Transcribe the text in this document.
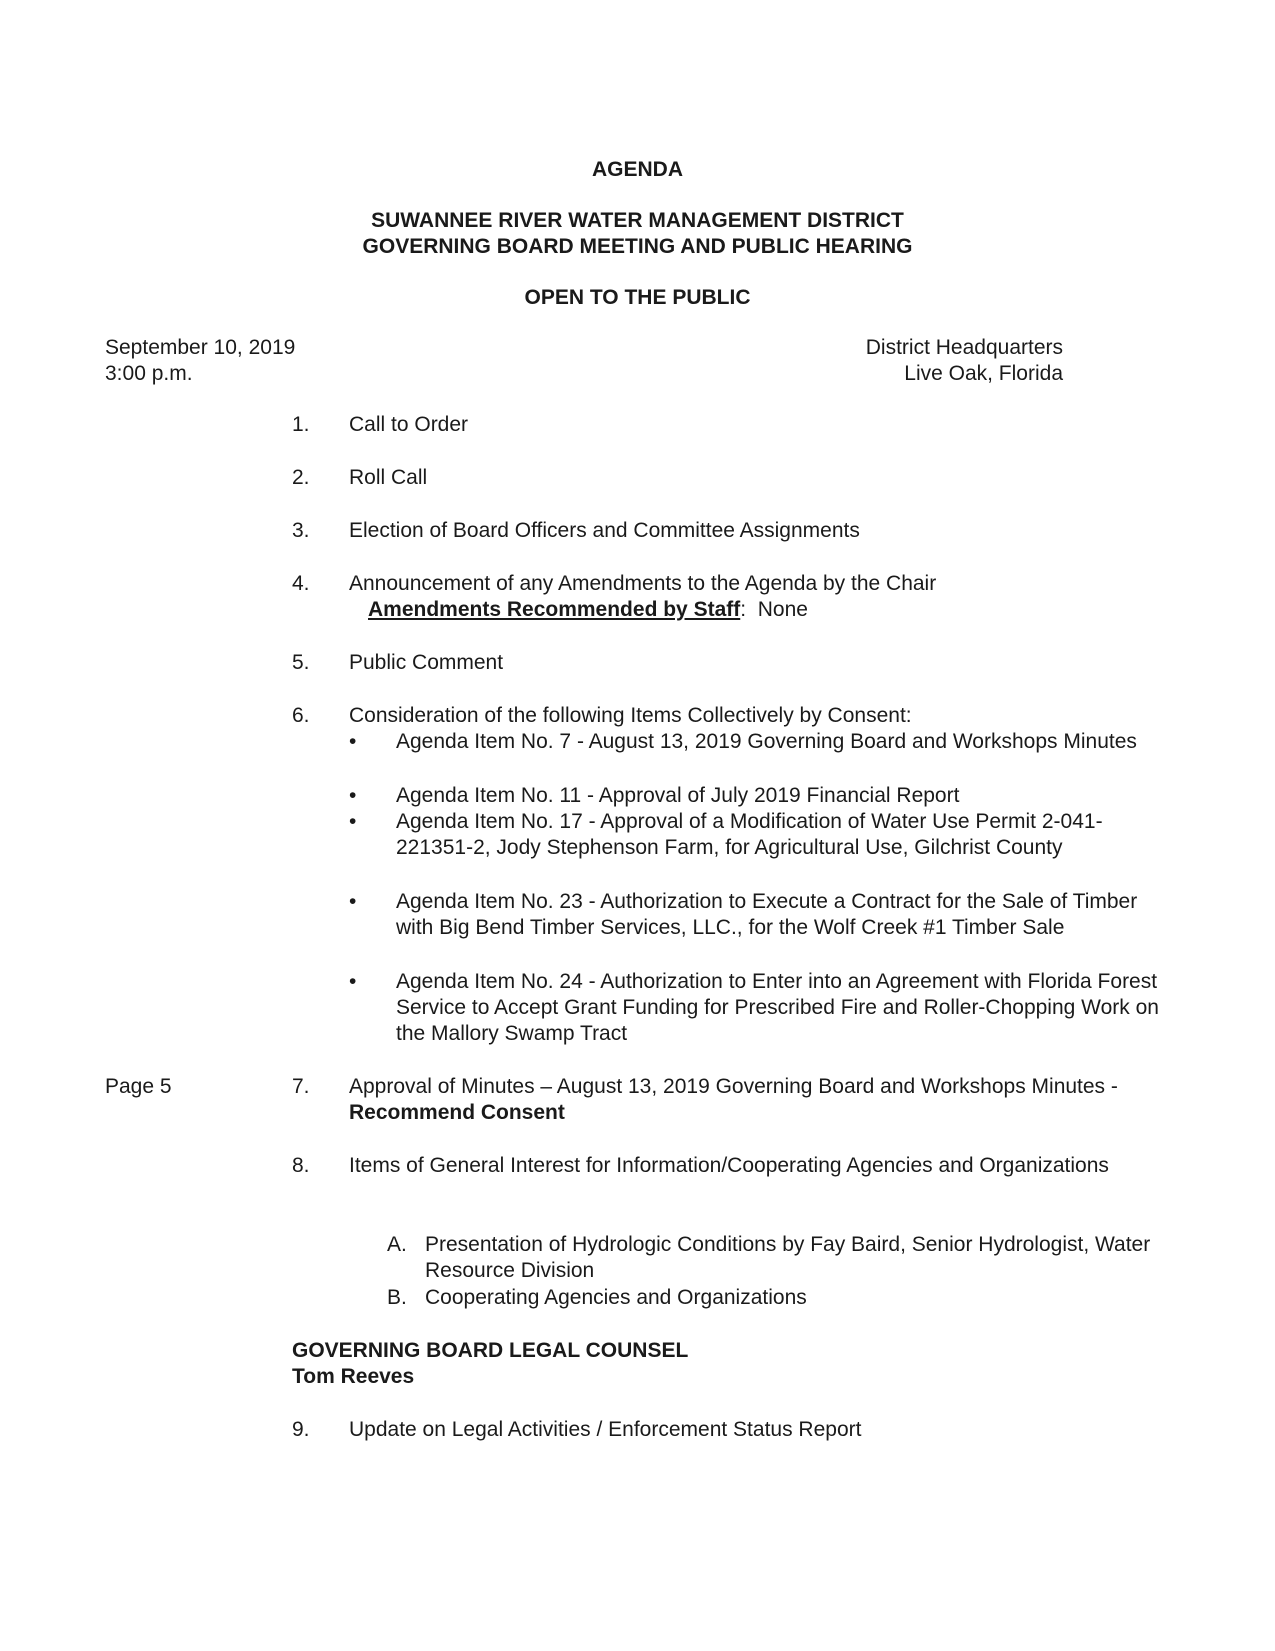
AGENDA

SUWANNEE RIVER WATER MANAGEMENT DISTRICT

GOVERNING BOARD MEETING AND PUBLIC HEARING

OPEN TO THE PUBLIC

September 10, 2019
3:00 p.m.
District Headquarters
Live Oak, Florida
1. Call to Order
2. Roll Call
3. Election of Board Officers and Committee Assignments
4. Announcement of any Amendments to the Agenda by the Chair
Amendments Recommended by Staff:  None
5. Public Comment
6. Consideration of the following Items Collectively by Consent:
• Agenda Item No. 7 - August 13, 2019 Governing Board and Workshops Minutes
• Agenda Item No. 11 - Approval of July 2019 Financial Report
• Agenda Item No. 17 - Approval of a Modification of Water Use Permit 2-041-221351-2, Jody Stephenson Farm, for Agricultural Use, Gilchrist County
• Agenda Item No. 23 - Authorization to Execute a Contract for the Sale of Timber with Big Bend Timber Services, LLC., for the Wolf Creek #1 Timber Sale
• Agenda Item No. 24 - Authorization to Enter into an Agreement with Florida Forest Service to Accept Grant Funding for Prescribed Fire and Roller-Chopping Work on the Mallory Swamp Tract
Page 5	7. Approval of Minutes – August 13, 2019 Governing Board and Workshops Minutes - Recommend Consent
8. Items of General Interest for Information/Cooperating Agencies and Organizations
A. Presentation of Hydrologic Conditions by Fay Baird, Senior Hydrologist, Water Resource Division
B. Cooperating Agencies and Organizations
GOVERNING BOARD LEGAL COUNSEL
Tom Reeves
9. Update on Legal Activities / Enforcement Status Report
